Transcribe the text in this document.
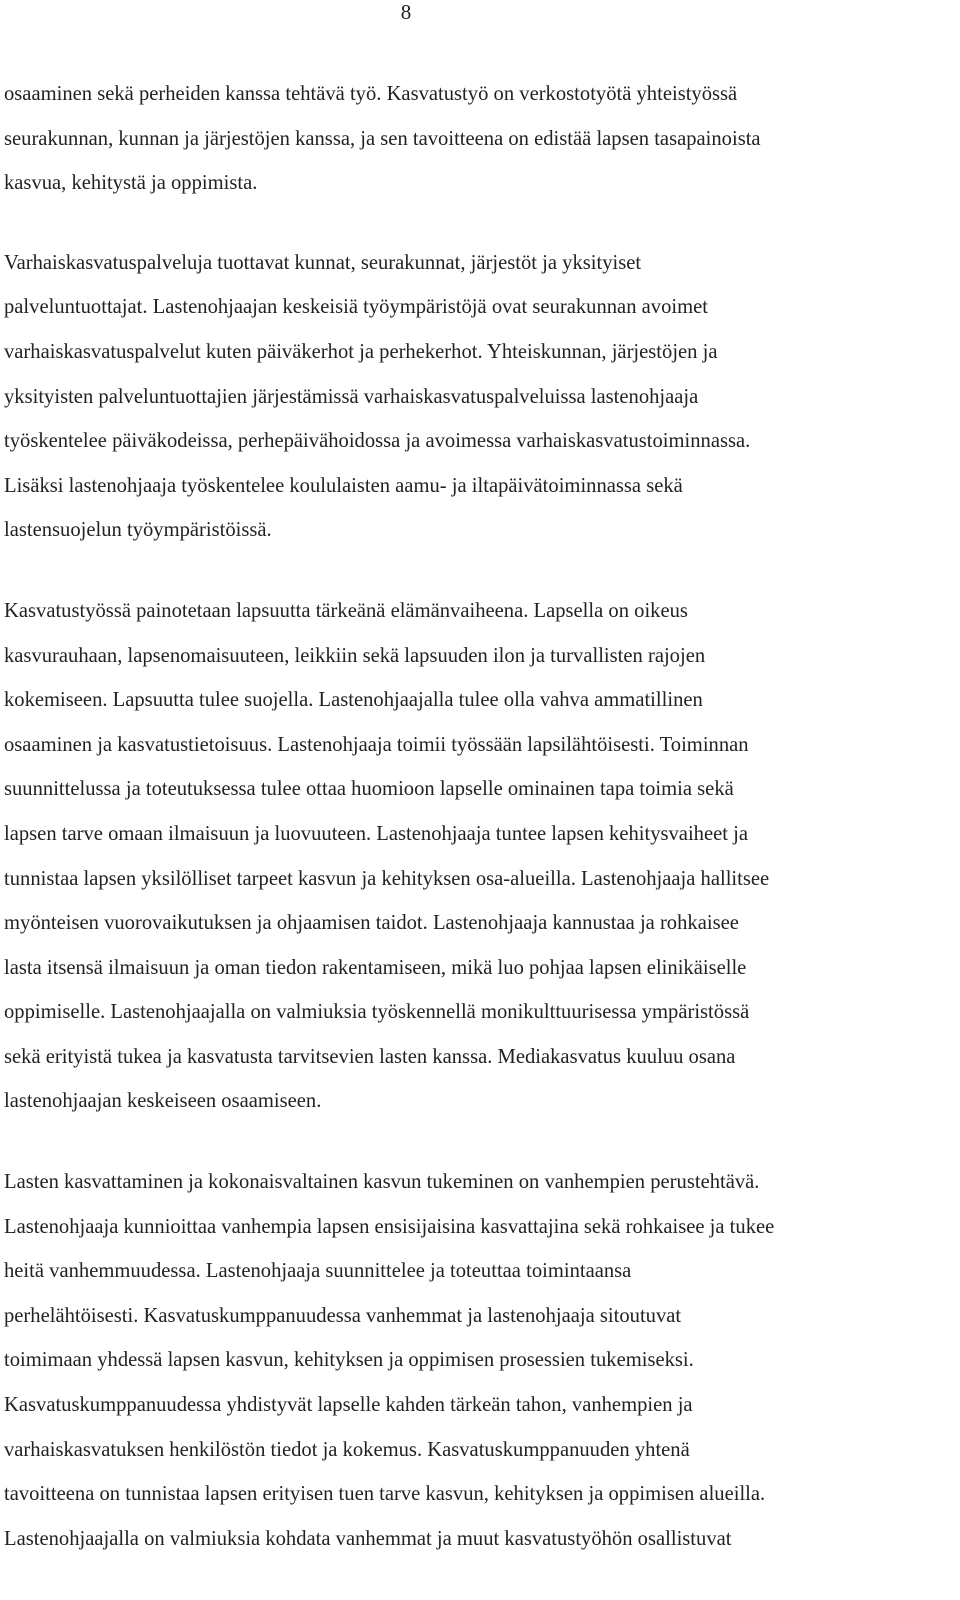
8

osaaminen sekä perheiden kanssa tehtävä työ. Kasvatustyö on verkostotyötä yhteistyössä
seurakunnan, kunnan ja järjestöjen kanssa, ja sen tavoitteena on edistää lapsen tasapainoista
kasvua, kehitystä ja oppimista.

Varhaiskasvatuspalveluja tuottavat kunnat, seurakunnat, järjestöt ja yksityiset
palveluntuottajat. Lastenohjaajan keskeisiä työympäristöjä ovat seurakunnan avoimet
varhaiskasvatuspalvelut kuten päiväkerhot ja perhekerhot. Yhteiskunnan, järjestöjen ja
yksityisten palveluntuottajien järjestämissä varhaiskasvatuspalveluissa lastenohjaaja
työskentelee päiväkodeissa, perhepäivähoidossa ja avoimessa varhaiskasvatustoiminnassa.
Lisäksi lastenohjaaja työskentelee koululaisten aamu- ja iltapäivätoiminnassa sekä
lastensuojelun työympäristöissä.

Kasvatustyössä painotetaan lapsuutta tärkeänä elämänvaiheena. Lapsella on oikeus
kasvurauhaan, lapsenomaisuuteen, leikkiin sekä lapsuuden ilon ja turvallisten rajojen
kokemiseen. Lapsuutta tulee suojella. Lastenohjaajalla tulee olla vahva ammatillinen
osaaminen ja kasvatustietoisuus. Lastenohjaaja toimii työssään lapsilähtöisesti. Toiminnan
suunnittelussa ja toteutuksessa tulee ottaa huomioon lapselle ominainen tapa toimia sekä
lapsen tarve omaan ilmaisuun ja luovuuteen. Lastenohjaaja tuntee lapsen kehitysvaiheet ja
tunnistaa lapsen yksilölliset tarpeet kasvun ja kehityksen osa-alueilla. Lastenohjaaja hallitsee
myönteisen vuorovaikutuksen ja ohjaamisen taidot. Lastenohjaaja kannustaa ja rohkaisee
lasta itsensä ilmaisuun ja oman tiedon rakentamiseen, mikä luo pohjaa lapsen elinikäiselle
oppimiselle. Lastenohjaajalla on valmiuksia työskennellä monikulttuurisessa ympäristössä
sekä erityistä tukea ja kasvatusta tarvitsevien lasten kanssa. Mediakasvatus kuuluu osana
lastenohjaajan keskeiseen osaamiseen.

Lasten kasvattaminen ja kokonaisvaltainen kasvun tukeminen on vanhempien perustehtävä.
Lastenohjaaja kunnioittaa vanhempia lapsen ensisijaisina kasvattajina sekä rohkaisee ja tukee
heitä vanhemmuudessa. Lastenohjaaja suunnittelee ja toteuttaa toimintaansa
perhelähtöisesti. Kasvatuskumppanuudessa vanhemmat ja lastenohjaaja sitoutuvat
toimimaan yhdessä lapsen kasvun, kehityksen ja oppimisen prosessien tukemiseksi.
Kasvatuskumppanuudessa yhdistyvät lapselle kahden tärkeän tahon, vanhempien ja
varhaiskasvatuksen henkilöstön tiedot ja kokemus. Kasvatuskumppanuuden yhtenä
tavoitteena on tunnistaa lapsen erityisen tuen tarve kasvun, kehityksen ja oppimisen alueilla.
Lastenohjaajalla on valmiuksia kohdata vanhemmat ja muut kasvatustyöhön osallistuvat
